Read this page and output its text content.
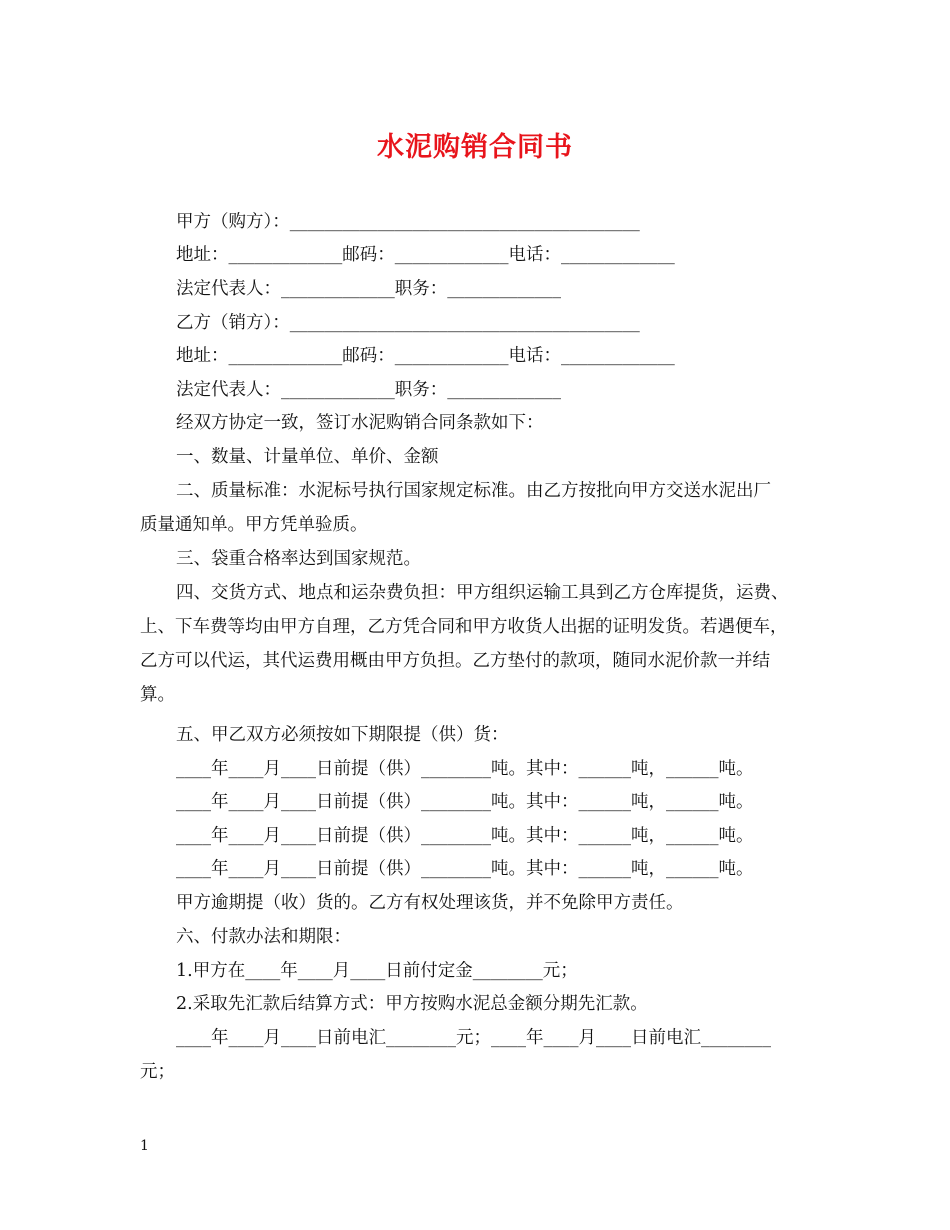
水泥购销合同书
甲方（购方）：________________________________________
地址：_____________邮码：_____________电话：_____________
法定代表人：_____________职务：_____________
乙方（销方）：________________________________________
地址：_____________邮码：_____________电话：_____________
法定代表人：_____________职务：_____________
经双方协定一致，签订水泥购销合同条款如下：
一、数量、计量单位、单价、金额
二、质量标准：水泥标号执行国家规定标准。由乙方按批向甲方交送水泥出厂
质量通知单。甲方凭单验质。
三、袋重合格率达到国家规范。
四、交货方式、地点和运杂费负担：甲方组织运输工具到乙方仓库提货，运费、
上、下车费等均由甲方自理，乙方凭合同和甲方收货人出据的证明发货。若遇便车，
乙方可以代运，其代运费用概由甲方负担。乙方垫付的款项，随同水泥价款一并结
算。
五、甲乙双方必须按如下期限提（供）货：
____年____月____日前提（供）________吨。其中：______吨，______吨。
____年____月____日前提（供）________吨。其中：______吨，______吨。
____年____月____日前提（供）________吨。其中：______吨，______吨。
____年____月____日前提（供）________吨。其中：______吨，______吨。
甲方逾期提（收）货的。乙方有权处理该货，并不免除甲方责任。
六、付款办法和期限：
1.甲方在____年____月____日前付定金________元；
2.采取先汇款后结算方式：甲方按购水泥总金额分期先汇款。
____年____月____日前电汇________元；____年____月____日前电汇________
元；
1
